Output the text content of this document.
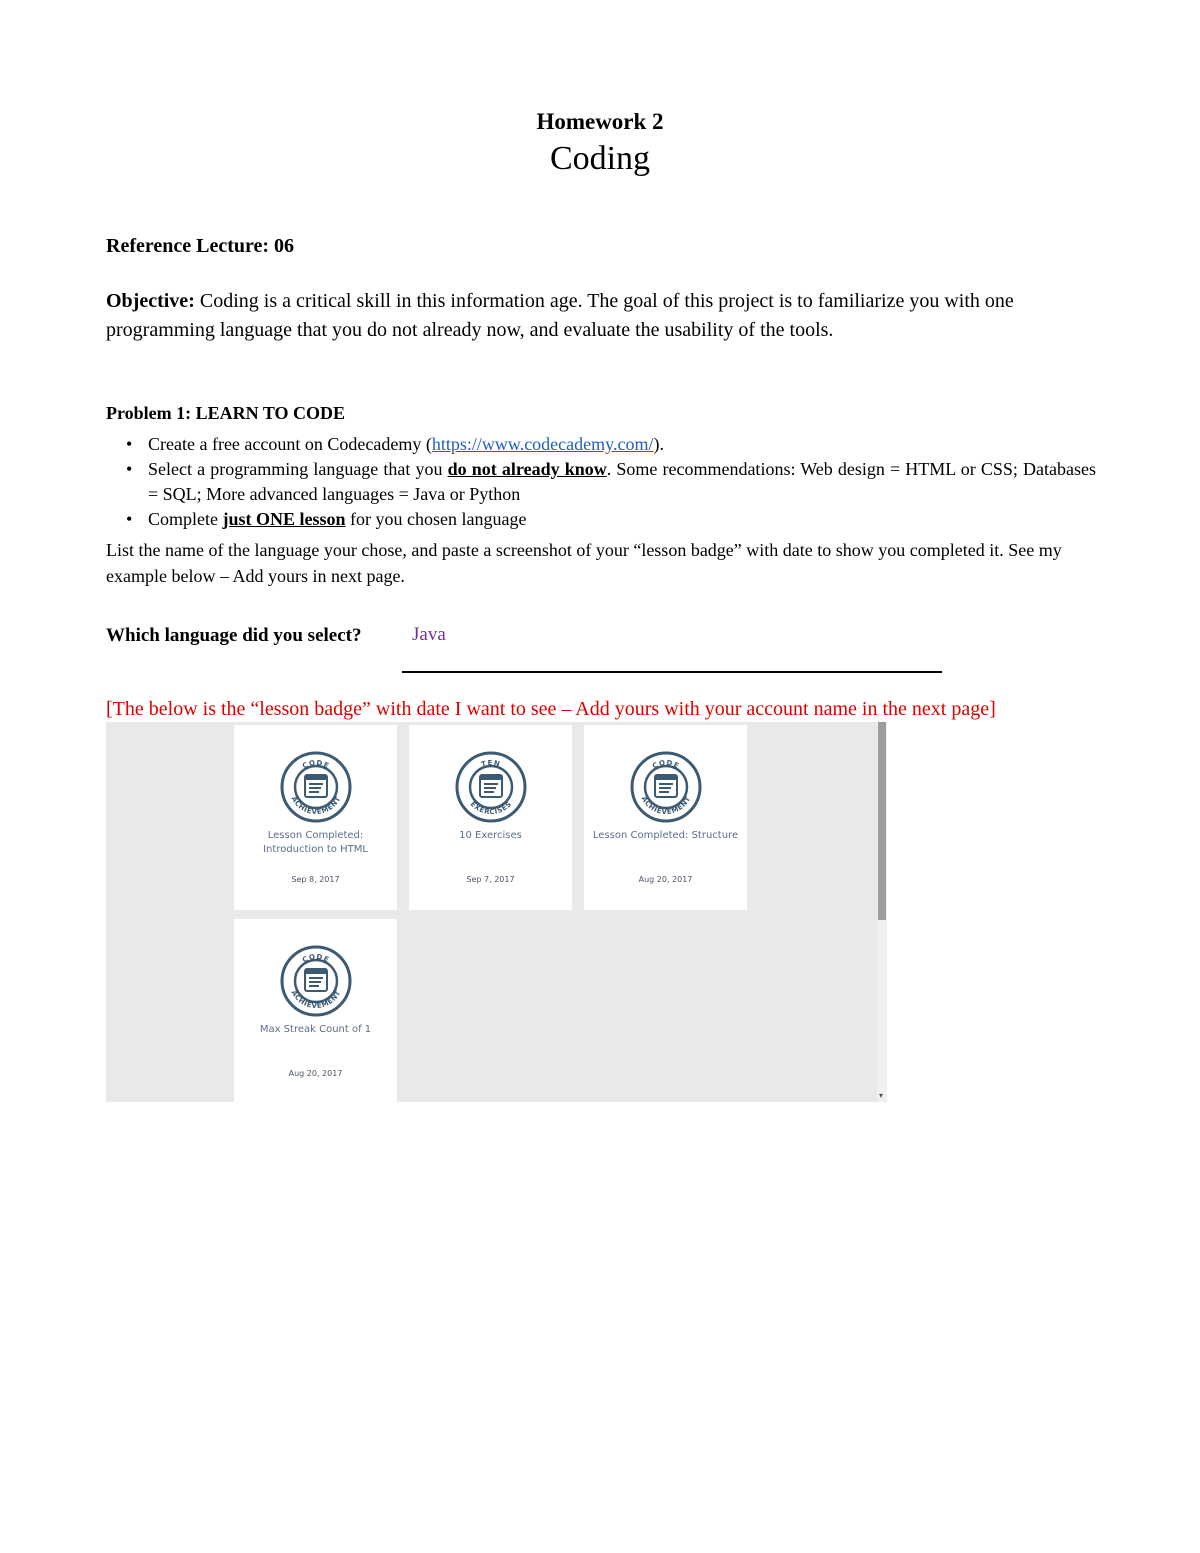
Homework 2
Coding
Reference Lecture: 06
Objective: Coding is a critical skill in this information age. The goal of this project is to familiarize you with one programming language that you do not already now, and evaluate the usability of the tools.
Problem 1: LEARN TO CODE
• Create a free account on Codecademy (https://www.codecademy.com/).
• Select a programming language that you do not already know. Some recommendations: Web design = HTML or CSS; Databases = SQL; More advanced languages = Java or Python
• Complete just ONE lesson for you chosen language
List the name of the language your chose, and paste a screenshot of your “lesson badge” with date to show you completed it. See my example below – Add yours in next page.
Which language did you select?	Java
[The below is the “lesson badge” with date I want to see – Add yours with your account name in the next page]
CODE
ACHIEVEMENT
Lesson Completed: Introduction to HTML
Sep 8, 2017
TEN
EXERCISES
10 Exercises
Sep 7, 2017
CODE
ACHIEVEMENT
Lesson Completed: Structure
Aug 20, 2017
CODE
ACHIEVEMENT
Max Streak Count of 1
Aug 20, 2017
▾
